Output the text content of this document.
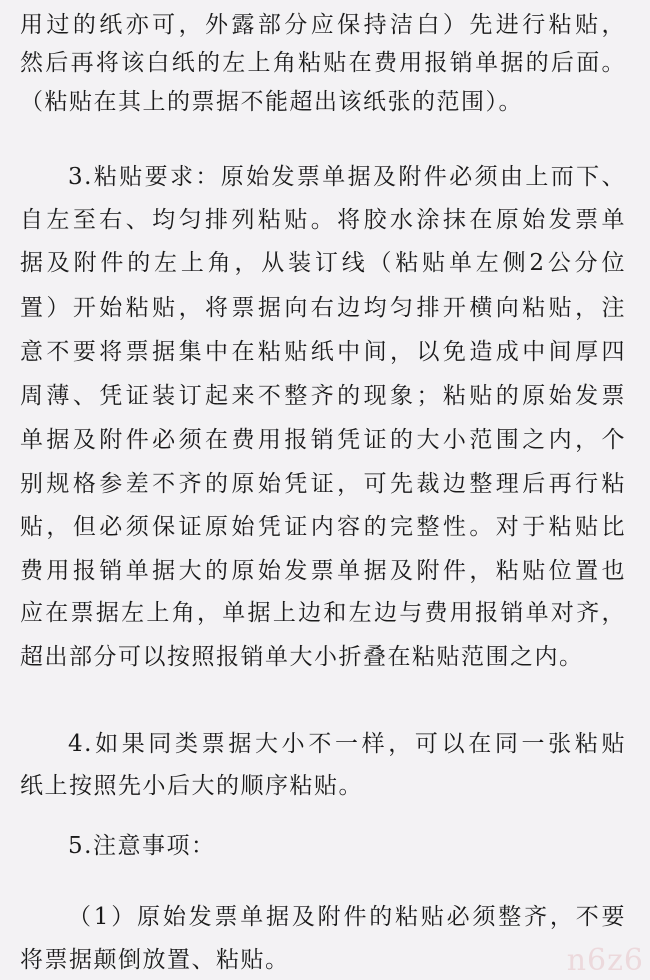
用过的纸亦可，外露部分应保持洁白）先进行粘贴，
然后再将该白纸的左上角粘贴在费用报销单据的后面。
（粘贴在其上的票据不能超出该纸张的范围）。
3.粘贴要求：原始发票单据及附件必须由上而下、
自左至右、均匀排列粘贴。将胶水涂抹在原始发票单
据及附件的左上角，从装订线（粘贴单左侧2公分位
置）开始粘贴，将票据向右边均匀排开横向粘贴，注
意不要将票据集中在粘贴纸中间，以免造成中间厚四
周薄、凭证装订起来不整齐的现象；粘贴的原始发票
单据及附件必须在费用报销凭证的大小范围之内，个
别规格参差不齐的原始凭证，可先裁边整理后再行粘
贴，但必须保证原始凭证内容的完整性。对于粘贴比
费用报销单据大的原始发票单据及附件，粘贴位置也
应在票据左上角，单据上边和左边与费用报销单对齐，
超出部分可以按照报销单大小折叠在粘贴范围之内。
4.如果同类票据大小不一样，可以在同一张粘贴
纸上按照先小后大的顺序粘贴。
5.注意事项：
（1）原始发票单据及附件的粘贴必须整齐，不要
将票据颠倒放置、粘贴。	n6z6
